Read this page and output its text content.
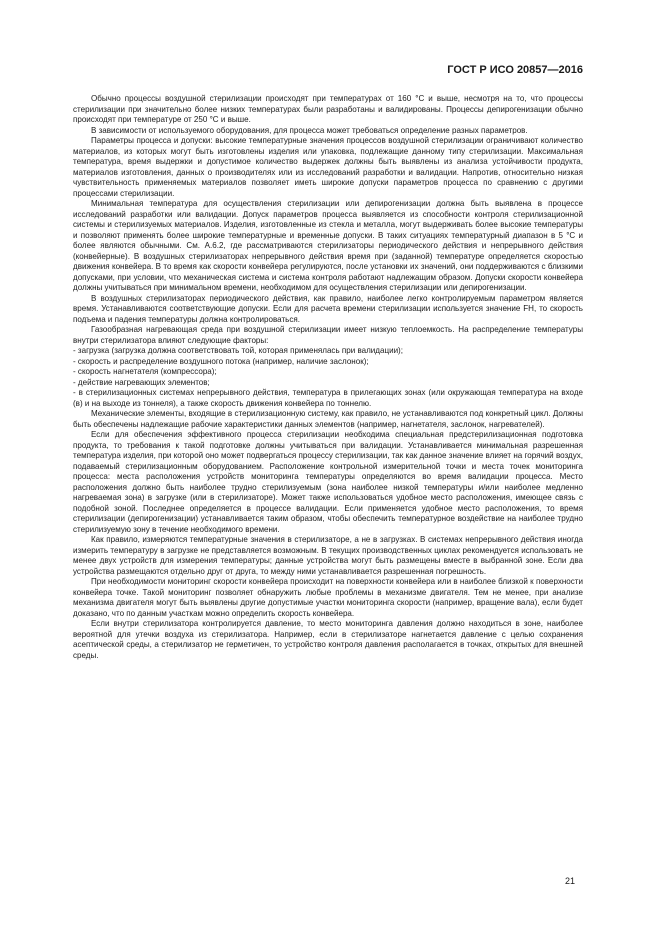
ГОСТ Р ИСО 20857—2016

Обычно процессы воздушной стерилизации происходят при температурах от 160 °С и выше, несмотря на то, что процессы стерилизации при значительно более низких температурах были разработаны и валидированы. Процессы депирогенизации обычно происходят при температуре от 250 °С и выше.

В зависимости от используемого оборудования, для процесса может требоваться определение разных параметров.

Параметры процесса и допуски: высокие температурные значения процессов воздушной стерилизации ограничивают количество материалов, из которых могут быть изготовлены изделия или упаковка, подлежащие данному типу стерилизации. Максимальная температура, время выдержки и допустимое количество выдержек должны быть выявлены из анализа устойчивости продукта, материалов изготовления, данных о производителях или из исследований разработки и валидации. Напротив, относительно низкая чувствительность применяемых материалов позволяет иметь широкие допуски параметров процесса по сравнению с другими процессами стерилизации.

Минимальная температура для осуществления стерилизации или депирогенизации должна быть выявлена в процессе исследований разработки или валидации. Допуск параметров процесса выявляется из способности контроля стерилизационной системы и стерилизуемых материалов. Изделия, изготовленные из стекла и металла, могут выдерживать более высокие температуры и позволяют применять более широкие температурные и временные допуски. В таких ситуациях температурный диапазон в 5 °С и более являются обычными. См. А.6.2, где рассматриваются стерилизаторы периодического действия и непрерывного действия (конвейерные). В воздушных стерилизаторах непрерывного действия время при (заданной) температуре определяется скоростью движения конвейера. В то время как скорости конвейера регулируются, после установки их значений, они поддерживаются с близкими допусками, при условии, что механическая система и система контроля работают надлежащим образом. Допуски скорости конвейера должны учитываться при минимальном времени, необходимом для осуществления стерилизации или депирогенизации.

В воздушных стерилизаторах периодического действия, как правило, наиболее легко контролируемым параметром является время. Устанавливаются соответствующие допуски. Если для расчета времени стерилизации используется значение FH, то скорость подъема и падения температуры должна контролироваться.

Газообразная нагревающая среда при воздушной стерилизации имеет низкую теплоемкость. На распределение температуры внутри стерилизатора влияют следующие факторы:

- загрузка (загрузка должна соответствовать той, которая применялась при валидации);

- скорость и распределение воздушного потока (например, наличие заслонок);

- скорость нагнетателя (компрессора);

- действие нагревающих элементов;

- в стерилизационных системах непрерывного действия, температура в прилегающих зонах (или окружающая температура на входе (в) и на выходе из тоннеля), а также скорость движения конвейера по тоннелю.

Механические элементы, входящие в стерилизационную систему, как правило, не устанавливаются под конкретный цикл. Должны быть обеспечены надлежащие рабочие характеристики данных элементов (например, нагнетателя, заслонок, нагревателей).

Если для обеспечения эффективного процесса стерилизации необходима специальная предстерилизационная подготовка продукта, то требования к такой подготовке должны учитываться при валидации. Устанавливается минимальная разрешенная температура изделия, при которой оно может подвергаться процессу стерилизации, так как данное значение влияет на горячий воздух, подаваемый стерилизационным оборудованием. Расположение контрольной измерительной точки и места точек мониторинга процесса: места расположения устройств мониторинга температуры определяются во время валидации процесса. Место расположения должно быть наиболее трудно стерилизуемым (зона наиболее низкой температуры и/или наиболее медленно нагреваемая зона) в загрузке (или в стерилизаторе). Может также использоваться удобное место расположения, имеющее связь с подобной зоной. Последнее определяется в процессе валидации. Если применяется удобное место расположения, то время стерилизации (депирогенизации) устанавливается таким образом, чтобы обеспечить температурное воздействие на наиболее трудно стерилизуемую зону в течение необходимого времени.

Как правило, измеряются температурные значения в стерилизаторе, а не в загрузках. В системах непрерывного действия иногда измерить температуру в загрузке не представляется возможным. В текущих производственных циклах рекомендуется использовать не менее двух устройств для измерения температуры; данные устройства могут быть размещены вместе в выбранной зоне. Если два устройства размещаются отдельно друг от друга, то между ними устанавливается разрешенная погрешность.

При необходимости мониторинг скорости конвейера происходит на поверхности конвейера или в наиболее близкой к поверхности конвейера точке. Такой мониторинг позволяет обнаружить любые проблемы в механизме двигателя. Тем не менее, при анализе механизма двигателя могут быть выявлены другие допустимые участки мониторинга скорости (например, вращение вала), если будет доказано, что по данным участкам можно определить скорость конвейера.

Если внутри стерилизатора контролируется давление, то место мониторинга давления должно находиться в зоне, наиболее вероятной для утечки воздуха из стерилизатора. Например, если в стерилизаторе нагнетается давление с целью сохранения асептической среды, а стерилизатор не герметичен, то устройство контроля давления располагается в точках, открытых для внешней среды.

21
